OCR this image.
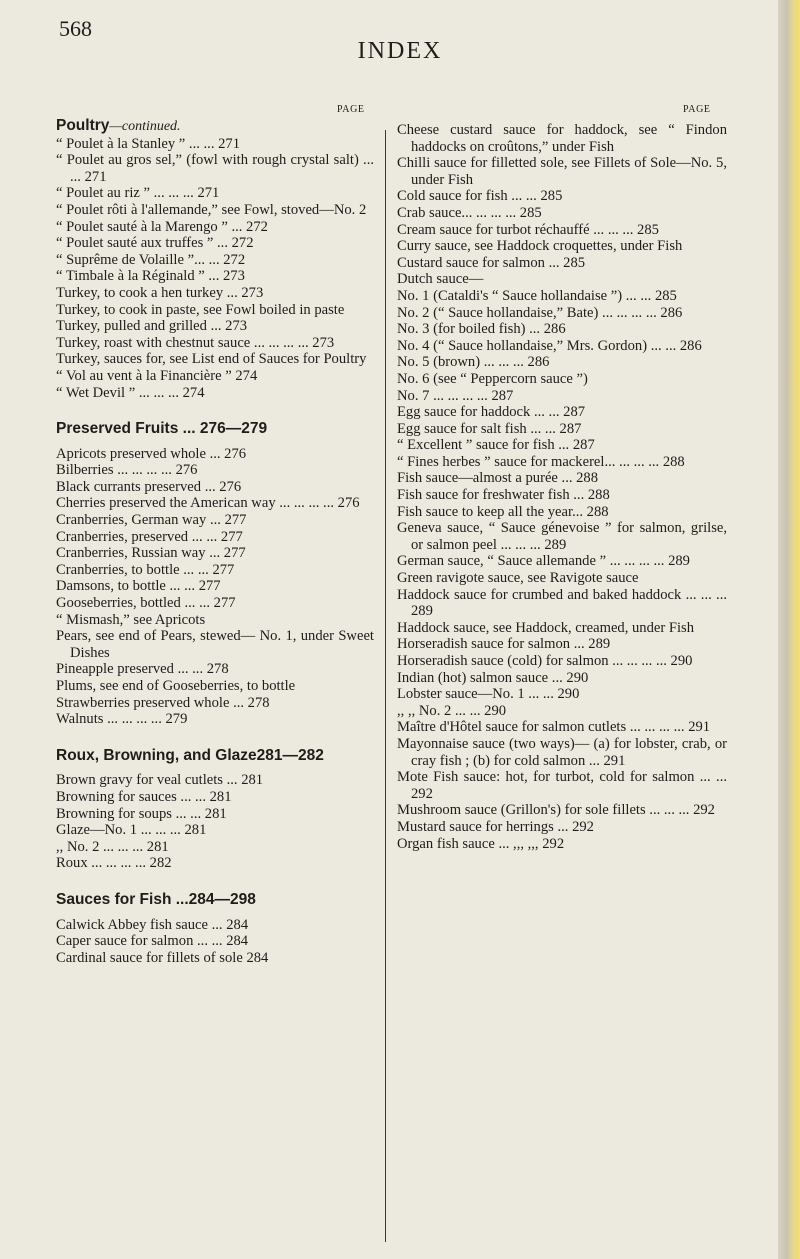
568
INDEX
PAGE	PAGE

Poultry—continued.

“ Poulet à la Stanley ” ... ... 271

“ Poulet au gros sel,” (fowl with rough crystal salt) ... ... 271

“ Poulet au riz ” ... ... ... 271

“ Poulet rôti à l'allemande,” see Fowl, stoved—No. 2

“ Poulet sauté à la Marengo ” ... 272

“ Poulet sauté aux truffes ” ... 272

“ Suprême de Volaille ”... ... 272

“ Timbale à la Réginald ” ... 273

Turkey, to cook a hen turkey ... 273

Turkey, to cook in paste, see Fowl boiled in paste

Turkey, pulled and grilled ... 273

Turkey, roast with chestnut sauce ... ... ... ... 273

Turkey, sauces for, see List end of Sauces for Poultry

“ Vol au vent à la Financière ” 274

“ Wet Devil ” ... ... ... 274

Preserved Fruits ... 276—279

Apricots preserved whole ... 276

Bilberries ... ... ... ... 276

Black currants preserved ... 276

Cherries preserved the American way ... ... ... ... 276

Cranberries, German way ... 277

Cranberries, preserved ... ... 277

Cranberries, Russian way ... 277

Cranberries, to bottle ... ... 277

Damsons, to bottle ... ... 277

Gooseberries, bottled ... ... 277

“ Mismash,” see Apricots

Pears, see end of Pears, stewed— No. 1, under Sweet Dishes

Pineapple preserved ... ... 278

Plums, see end of Gooseberries, to bottle

Strawberries preserved whole ... 278

Walnuts ... ... ... ... 279

Roux, Browning, and Glaze281—282

Brown gravy for veal cutlets ... 281

Browning for sauces ... ... 281

Browning for soups ... ... 281

Glaze—No. 1 ... ... ... 281

,, No. 2 ... ... ... 281

Roux ... ... ... ... 282

Sauces for Fish ...284—298

Calwick Abbey fish sauce ... 284

Caper sauce for salmon ... ... 284

Cardinal sauce for fillets of sole 284

Cheese custard sauce for haddock, see “ Findon haddocks on croûtons,” under Fish

Chilli sauce for filletted sole, see Fillets of Sole—No. 5, under Fish

Cold sauce for fish ... ... 285

Crab sauce... ... ... ... 285

Cream sauce for turbot réchauffé ... ... ... 285

Curry sauce, see Haddock croquettes, under Fish

Custard sauce for salmon ... 285

Dutch sauce—

No. 1 (Cataldi's “ Sauce hollandaise ”) ... ... 285

No. 2 (“ Sauce hollandaise,” Bate) ... ... ... ... 286

No. 3 (for boiled fish) ... 286

No. 4 (“ Sauce hollandaise,” Mrs. Gordon) ... ... 286

No. 5 (brown) ... ... ... 286

No. 6 (see “ Peppercorn sauce ”)

No. 7 ... ... ... ... 287

Egg sauce for haddock ... ... 287

Egg sauce for salt fish ... ... 287

“ Excellent ” sauce for fish ... 287

“ Fines herbes ” sauce for mackerel... ... ... ... 288

Fish sauce—almost a purée ... 288

Fish sauce for freshwater fish ... 288

Fish sauce to keep all the year... 288

Geneva sauce, “ Sauce génevoise ” for salmon, grilse, or salmon peel ... ... ... 289

German sauce, “ Sauce allemande ” ... ... ... ... 289

Green ravigote sauce, see Ravigote sauce

Haddock sauce for crumbed and baked haddock ... ... ... 289

Haddock sauce, see Haddock, creamed, under Fish

Horseradish sauce for salmon ... 289

Horseradish sauce (cold) for salmon ... ... ... ... 290

Indian (hot) salmon sauce ... 290

Lobster sauce—No. 1 ... ... 290

,, ,, No. 2 ... ... 290

Maître d'Hôtel sauce for salmon cutlets ... ... ... ... 291

Mayonnaise sauce (two ways)— (a) for lobster, crab, or cray fish ; (b) for cold salmon ... 291

Mote Fish sauce: hot, for turbot, cold for salmon ... ... 292

Mushroom sauce (Grillon's) for sole fillets ... ... ... 292

Mustard sauce for herrings ... 292

Organ fish sauce ... ,,, ,,, 292
